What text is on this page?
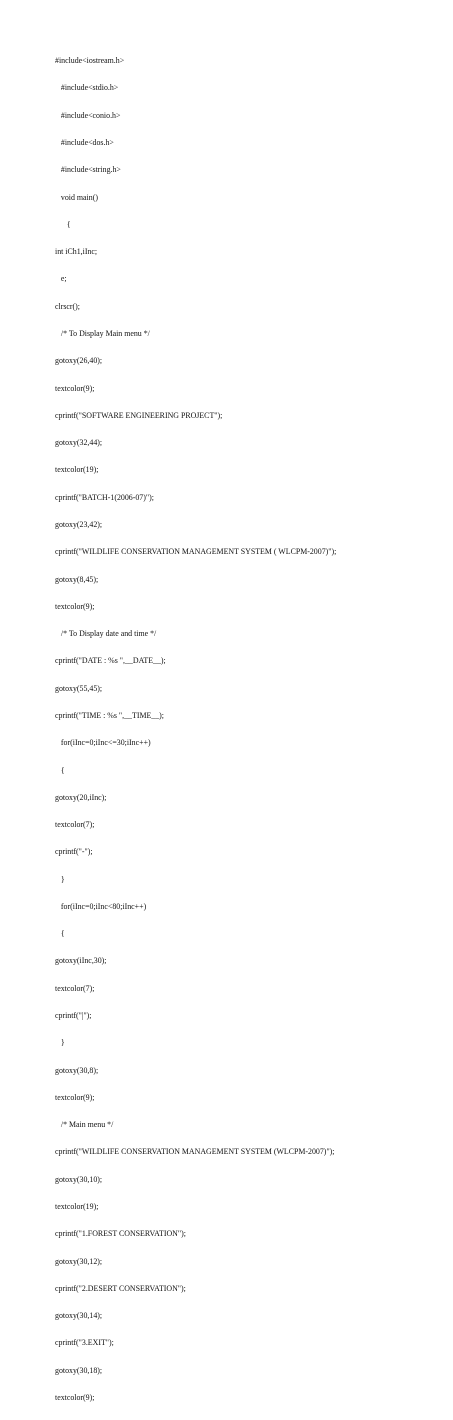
#include<iostream.h>

#include<stdio.h>

#include<conio.h>

#include<dos.h>

#include<string.h>

void main()

{

int iCh1,iInc;

e;

clrscr();

/* To Display Main menu */

gotoxy(26,40);

textcolor(9);

cprintf("SOFTWARE ENGINEERING PROJECT");

gotoxy(32,44);

textcolor(19);

cprintf("BATCH-1(2006-07)");

gotoxy(23,42);

cprintf("WILDLIFE CONSERVATION MANAGEMENT SYSTEM ( WLCPM-2007)");

gotoxy(8,45);

textcolor(9);

/* To Display date and time */

cprintf("DATE : %s ",__DATE__);

gotoxy(55,45);

cprintf("TIME : %s ",__TIME__);

for(iInc=0;iInc<=30;iInc++)

{

gotoxy(20,iInc);

textcolor(7);

cprintf("-");

}

for(iInc=0;iInc<80;iInc++)

{

gotoxy(iInc,30);

textcolor(7);

cprintf("|");

}

gotoxy(30,8);

textcolor(9);

/* Main menu */

cprintf("WILDLIFE CONSERVATION MANAGEMENT SYSTEM (WLCPM-2007)");

gotoxy(30,10);

textcolor(19);

cprintf("1.FOREST CONSERVATION");

gotoxy(30,12);

cprintf("2.DESERT CONSERVATION");

gotoxy(30,14);

cprintf("3.EXIT");

gotoxy(30,18);

textcolor(9);
